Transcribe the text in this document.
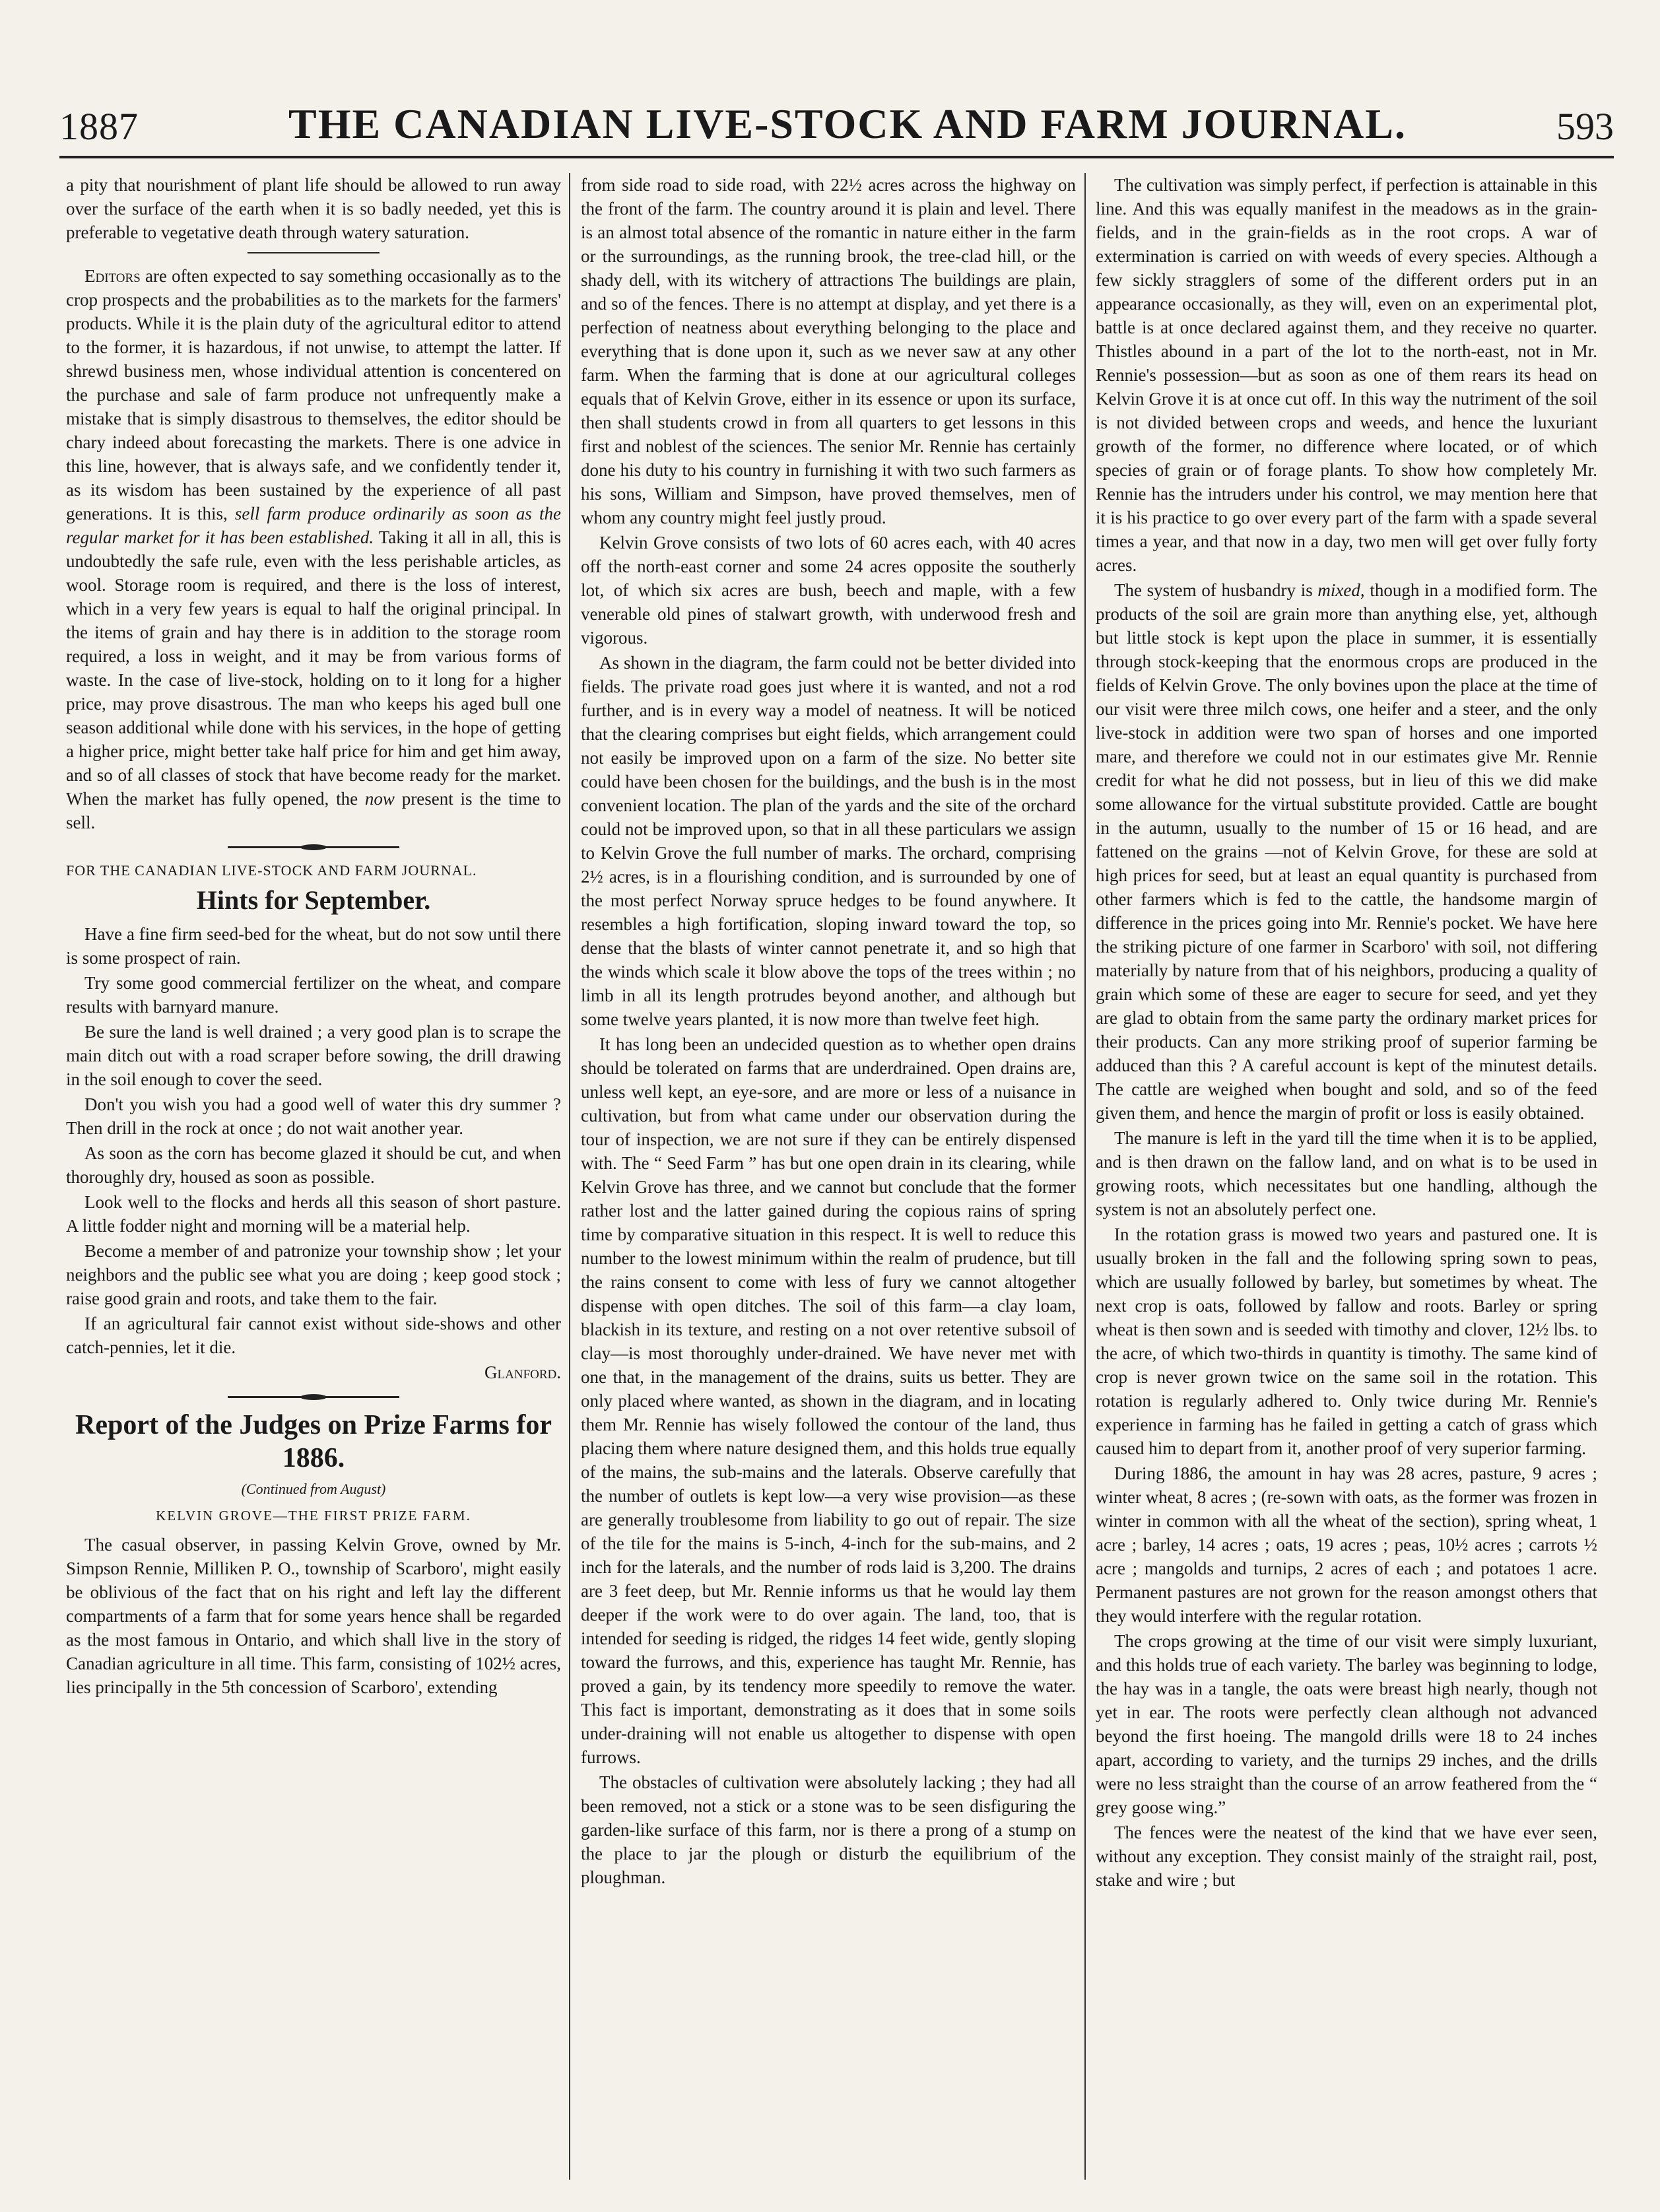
1887	THE CANADIAN LIVE-STOCK AND FARM JOURNAL.	593

a pity that nourishment of plant life should be allowed to run away over the surface of the earth when it is so badly needed, yet this is preferable to vegetative death through watery saturation.

Editors are often expected to say something occasionally as to the crop prospects and the probabilities as to the markets for the farmers' products. While it is the plain duty of the agricultural editor to attend to the former, it is hazardous, if not unwise, to attempt the latter. If shrewd business men, whose individual attention is concentered on the purchase and sale of farm produce not unfrequently make a mistake that is simply disastrous to themselves, the editor should be chary indeed about forecasting the markets. There is one advice in this line, however, that is always safe, and we confidently tender it, as its wisdom has been sustained by the experience of all past generations. It is this, sell farm produce ordinarily as soon as the regular market for it has been established. Taking it all in all, this is undoubtedly the safe rule, even with the less perishable articles, as wool. Storage room is required, and there is the loss of interest, which in a very few years is equal to half the original principal. In the items of grain and hay there is in addition to the storage room required, a loss in weight, and it may be from various forms of waste. In the case of live-stock, holding on to it long for a higher price, may prove disastrous. The man who keeps his aged bull one season additional while done with his services, in the hope of getting a higher price, might better take half price for him and get him away, and so of all classes of stock that have become ready for the market. When the market has fully opened, the now present is the time to sell.

FOR THE CANADIAN LIVE-STOCK AND FARM JOURNAL.

Hints for September.

Have a fine firm seed-bed for the wheat, but do not sow until there is some prospect of rain.

Try some good commercial fertilizer on the wheat, and compare results with barnyard manure.

Be sure the land is well drained ; a very good plan is to scrape the main ditch out with a road scraper before sowing, the drill drawing in the soil enough to cover the seed.

Don't you wish you had a good well of water this dry summer ? Then drill in the rock at once ; do not wait another year.

As soon as the corn has become glazed it should be cut, and when thoroughly dry, housed as soon as possible.

Look well to the flocks and herds all this season of short pasture. A little fodder night and morning will be a material help.

Become a member of and patronize your township show ; let your neighbors and the public see what you are doing ; keep good stock ; raise good grain and roots, and take them to the fair.

If an agricultural fair cannot exist without side-shows and other catch-pennies, let it die.

Glanford.
Report of the Judges on Prize Farms for 1886.
(Continued from August)
KELVIN GROVE—THE FIRST PRIZE FARM.

The casual observer, in passing Kelvin Grove, owned by Mr. Simpson Rennie, Milliken P. O., township of Scarboro', might easily be oblivious of the fact that on his right and left lay the different compartments of a farm that for some years hence shall be regarded as the most famous in Ontario, and which shall live in the story of Canadian agriculture in all time. This farm, consisting of 102½ acres, lies principally in the 5th concession of Scarboro', extending

from side road to side road, with 22½ acres across the highway on the front of the farm. The country around it is plain and level. There is an almost total absence of the romantic in nature either in the farm or the surroundings, as the running brook, the tree-clad hill, or the shady dell, with its witchery of attractions The buildings are plain, and so of the fences. There is no attempt at display, and yet there is a perfection of neatness about everything belonging to the place and everything that is done upon it, such as we never saw at any other farm. When the farming that is done at our agricultural colleges equals that of Kelvin Grove, either in its essence or upon its surface, then shall students crowd in from all quarters to get lessons in this first and noblest of the sciences. The senior Mr. Rennie has certainly done his duty to his country in furnishing it with two such farmers as his sons, William and Simpson, have proved themselves, men of whom any country might feel justly proud.

Kelvin Grove consists of two lots of 60 acres each, with 40 acres off the north-east corner and some 24 acres opposite the southerly lot, of which six acres are bush, beech and maple, with a few venerable old pines of stalwart growth, with underwood fresh and vigorous.

As shown in the diagram, the farm could not be better divided into fields. The private road goes just where it is wanted, and not a rod further, and is in every way a model of neatness. It will be noticed that the clearing comprises but eight fields, which arrangement could not easily be improved upon on a farm of the size. No better site could have been chosen for the buildings, and the bush is in the most convenient location. The plan of the yards and the site of the orchard could not be improved upon, so that in all these particulars we assign to Kelvin Grove the full number of marks. The orchard, comprising 2½ acres, is in a flourishing condition, and is surrounded by one of the most perfect Norway spruce hedges to be found anywhere. It resembles a high fortification, sloping inward toward the top, so dense that the blasts of winter cannot penetrate it, and so high that the winds which scale it blow above the tops of the trees within ; no limb in all its length protrudes beyond another, and although but some twelve years planted, it is now more than twelve feet high.

It has long been an undecided question as to whether open drains should be tolerated on farms that are underdrained. Open drains are, unless well kept, an eye-sore, and are more or less of a nuisance in cultivation, but from what came under our observation during the tour of inspection, we are not sure if they can be entirely dispensed with. The “ Seed Farm ” has but one open drain in its clearing, while Kelvin Grove has three, and we cannot but conclude that the former rather lost and the latter gained during the copious rains of spring time by comparative situation in this respect. It is well to reduce this number to the lowest minimum within the realm of prudence, but till the rains consent to come with less of fury we cannot altogether dispense with open ditches. The soil of this farm—a clay loam, blackish in its texture, and resting on a not over retentive subsoil of clay—is most thoroughly under-drained. We have never met with one that, in the management of the drains, suits us better. They are only placed where wanted, as shown in the diagram, and in locating them Mr. Rennie has wisely followed the contour of the land, thus placing them where nature designed them, and this holds true equally of the mains, the sub-mains and the laterals. Observe carefully that the number of outlets is kept low—a very wise provision—as these are generally troublesome from liability to go out of repair. The size of the tile for the mains is 5-inch, 4-inch for the sub-mains, and 2 inch for the laterals, and the number of rods laid is 3,200. The drains are 3 feet deep, but Mr. Rennie informs us that he would lay them deeper if the work were to do over again. The land, too, that is intended for seeding is ridged, the ridges 14 feet wide, gently sloping toward the furrows, and this, experience has taught Mr. Rennie, has proved a gain, by its tendency more speedily to remove the water. This fact is important, demonstrating as it does that in some soils under-draining will not enable us altogether to dispense with open furrows.

The obstacles of cultivation were absolutely lacking ; they had all been removed, not a stick or a stone was to be seen disfiguring the garden-like surface of this farm, nor is there a prong of a stump on the place to jar the plough or disturb the equilibrium of the ploughman.

The cultivation was simply perfect, if perfection is attainable in this line. And this was equally manifest in the meadows as in the grain-fields, and in the grain-fields as in the root crops. A war of extermination is carried on with weeds of every species. Although a few sickly stragglers of some of the different orders put in an appearance occasionally, as they will, even on an experimental plot, battle is at once declared against them, and they receive no quarter. Thistles abound in a part of the lot to the north-east, not in Mr. Rennie's possession—but as soon as one of them rears its head on Kelvin Grove it is at once cut off. In this way the nutriment of the soil is not divided between crops and weeds, and hence the luxuriant growth of the former, no difference where located, or of which species of grain or of forage plants. To show how completely Mr. Rennie has the intruders under his control, we may mention here that it is his practice to go over every part of the farm with a spade several times a year, and that now in a day, two men will get over fully forty acres.

The system of husbandry is mixed, though in a modified form. The products of the soil are grain more than anything else, yet, although but little stock is kept upon the place in summer, it is essentially through stock-keeping that the enormous crops are produced in the fields of Kelvin Grove. The only bovines upon the place at the time of our visit were three milch cows, one heifer and a steer, and the only live-stock in addition were two span of horses and one imported mare, and therefore we could not in our estimates give Mr. Rennie credit for what he did not possess, but in lieu of this we did make some allowance for the virtual substitute provided. Cattle are bought in the autumn, usually to the number of 15 or 16 head, and are fattened on the grains —not of Kelvin Grove, for these are sold at high prices for seed, but at least an equal quantity is purchased from other farmers which is fed to the cattle, the handsome margin of difference in the prices going into Mr. Rennie's pocket. We have here the striking picture of one farmer in Scarboro' with soil, not differing materially by nature from that of his neighbors, producing a quality of grain which some of these are eager to secure for seed, and yet they are glad to obtain from the same party the ordinary market prices for their products. Can any more striking proof of superior farming be adduced than this ? A careful account is kept of the minutest details. The cattle are weighed when bought and sold, and so of the feed given them, and hence the margin of profit or loss is easily obtained.

The manure is left in the yard till the time when it is to be applied, and is then drawn on the fallow land, and on what is to be used in growing roots, which necessitates but one handling, although the system is not an absolutely perfect one.

In the rotation grass is mowed two years and pastured one. It is usually broken in the fall and the following spring sown to peas, which are usually followed by barley, but sometimes by wheat. The next crop is oats, followed by fallow and roots. Barley or spring wheat is then sown and is seeded with timothy and clover, 12½ lbs. to the acre, of which two-thirds in quantity is timothy. The same kind of crop is never grown twice on the same soil in the rotation. This rotation is regularly adhered to. Only twice during Mr. Rennie's experience in farming has he failed in getting a catch of grass which caused him to depart from it, another proof of very superior farming.

During 1886, the amount in hay was 28 acres, pasture, 9 acres ; winter wheat, 8 acres ; (re-sown with oats, as the former was frozen in winter in common with all the wheat of the section), spring wheat, 1 acre ; barley, 14 acres ; oats, 19 acres ; peas, 10½ acres ; carrots ½ acre ; mangolds and turnips, 2 acres of each ; and potatoes 1 acre. Permanent pastures are not grown for the reason amongst others that they would interfere with the regular rotation.

The crops growing at the time of our visit were simply luxuriant, and this holds true of each variety. The barley was beginning to lodge, the hay was in a tangle, the oats were breast high nearly, though not yet in ear. The roots were perfectly clean although not advanced beyond the first hoeing. The mangold drills were 18 to 24 inches apart, according to variety, and the turnips 29 inches, and the drills were no less straight than the course of an arrow feathered from the “ grey goose wing.”

The fences were the neatest of the kind that we have ever seen, without any exception. They consist mainly of the straight rail, post, stake and wire ; but
